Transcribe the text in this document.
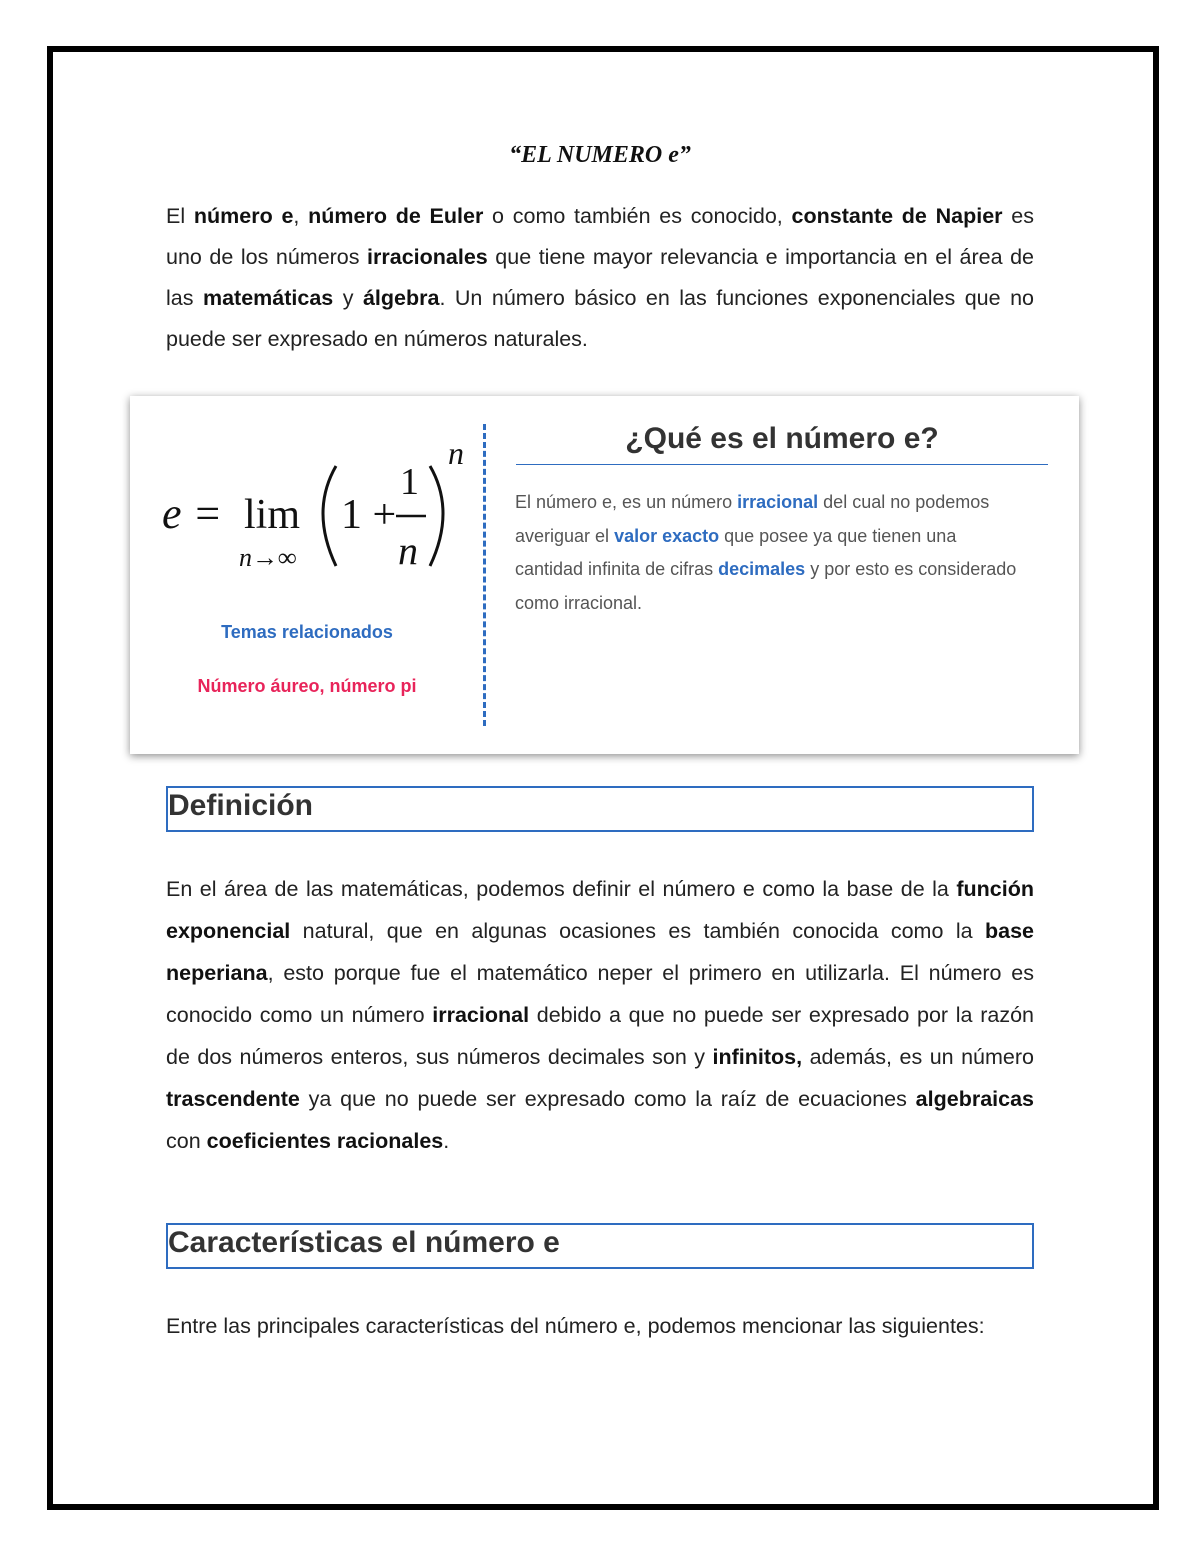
“EL NUMERO e”

El número e, número de Euler o como también es conocido, constante de Napier es uno de los números irracionales que tiene mayor relevancia e importancia en el área de las matemáticas y álgebra. Un número básico en las funciones exponenciales que no puede ser expresado en números naturales.

e = lim
n→∞
1 +
1
n
n
Temas relacionados
Número áureo, número pi
¿Qué es el número e?
El número e, es un número irracional del cual no podemos averiguar el valor exacto que posee ya que tienen una cantidad infinita de cifras decimales y por esto es considerado como irracional.
Definición

En el área de las matemáticas, podemos definir el número e como la base de la función exponencial natural, que en algunas ocasiones es también conocida como la base neperiana, esto porque fue el matemático neper el primero en utilizarla. El número es conocido como un número irracional debido a que no puede ser expresado por la razón de dos números enteros, sus números decimales son y infinitos, además, es un número trascendente ya que no puede ser expresado como la raíz de ecuaciones algebraicas con coeficientes racionales.

Características el número e

Entre las principales características del número e, podemos mencionar las siguientes:
